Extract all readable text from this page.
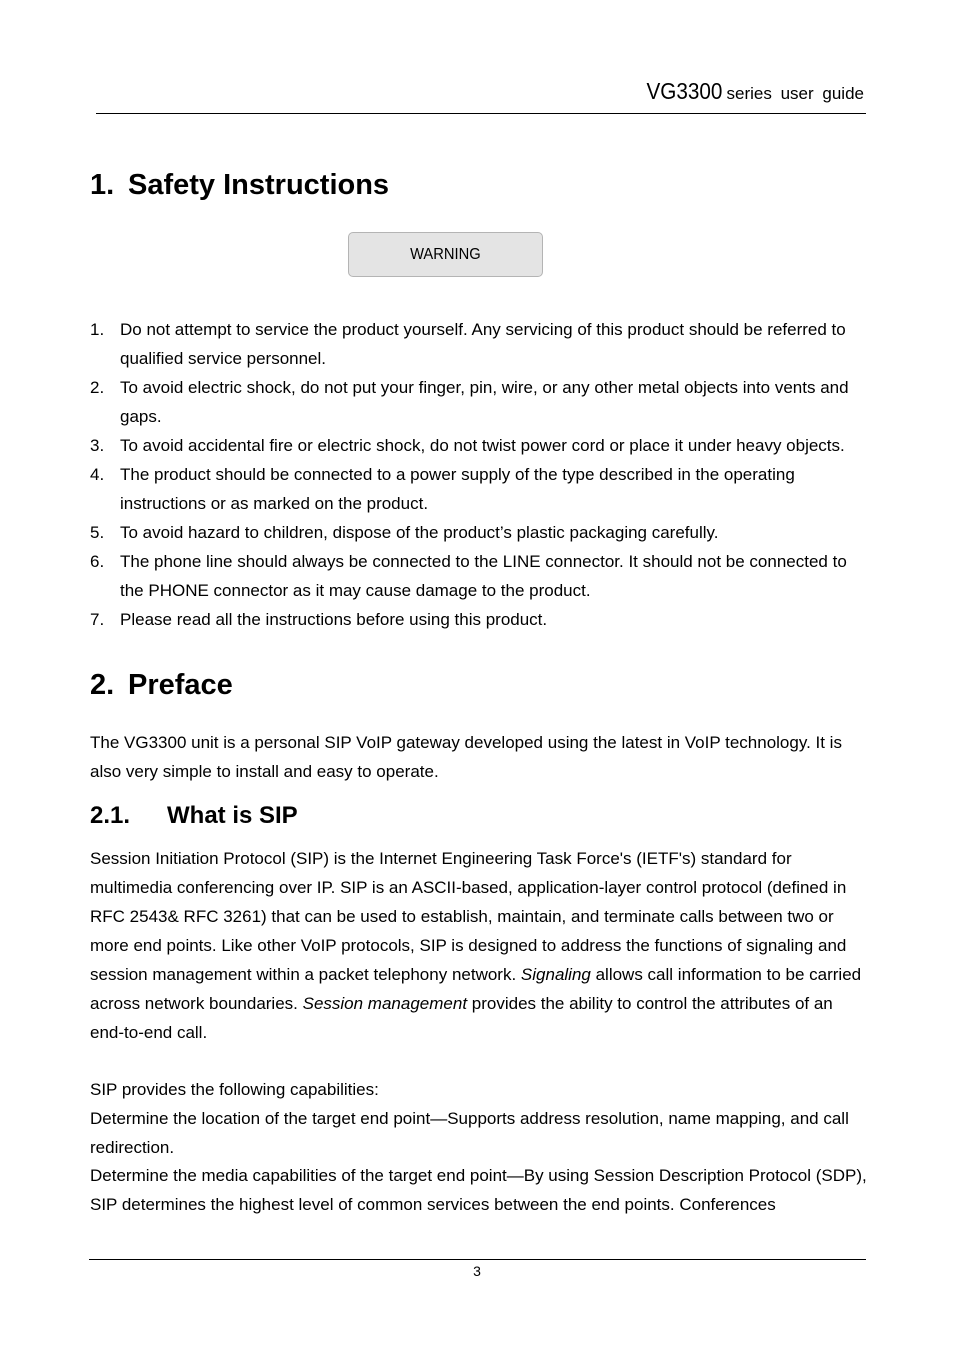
VG3300 series user guide
1. Safety Instructions
WARNING
1. Do not attempt to service the product yourself. Any servicing of this product should be referred to qualified service personnel.
2. To avoid electric shock, do not put your finger, pin, wire, or any other metal objects into vents and gaps.
3. To avoid accidental fire or electric shock, do not twist power cord or place it under heavy objects.
4. The product should be connected to a power supply of the type described in the operating instructions or as marked on the product.
5. To avoid hazard to children, dispose of the product’s plastic packaging carefully.
6. The phone line should always be connected to the LINE connector. It should not be connected to the PHONE connector as it may cause damage to the product.
7. Please read all the instructions before using this product.
2. Preface

The VG3300 unit is a personal SIP VoIP gateway developed using the latest in VoIP technology. It is also very simple to install and easy to operate.

2.1. What is SIP

Session Initiation Protocol (SIP) is the Internet Engineering Task Force's (IETF's) standard for multimedia conferencing over IP. SIP is an ASCII-based, application-layer control protocol (defined in RFC 2543& RFC 3261) that can be used to establish, maintain, and terminate calls between two or more end points. Like other VoIP protocols, SIP is designed to address the functions of signaling and session management within a packet telephony network. Signaling allows call information to be carried across network boundaries. Session management provides the ability to control the attributes of an end-to-end call.

SIP provides the following capabilities:

Determine the location of the target end point—Supports address resolution, name mapping, and call redirection.

Determine the media capabilities of the target end point—By using Session Description Protocol (SDP), SIP determines the highest level of common services between the end points. Conferences

3
